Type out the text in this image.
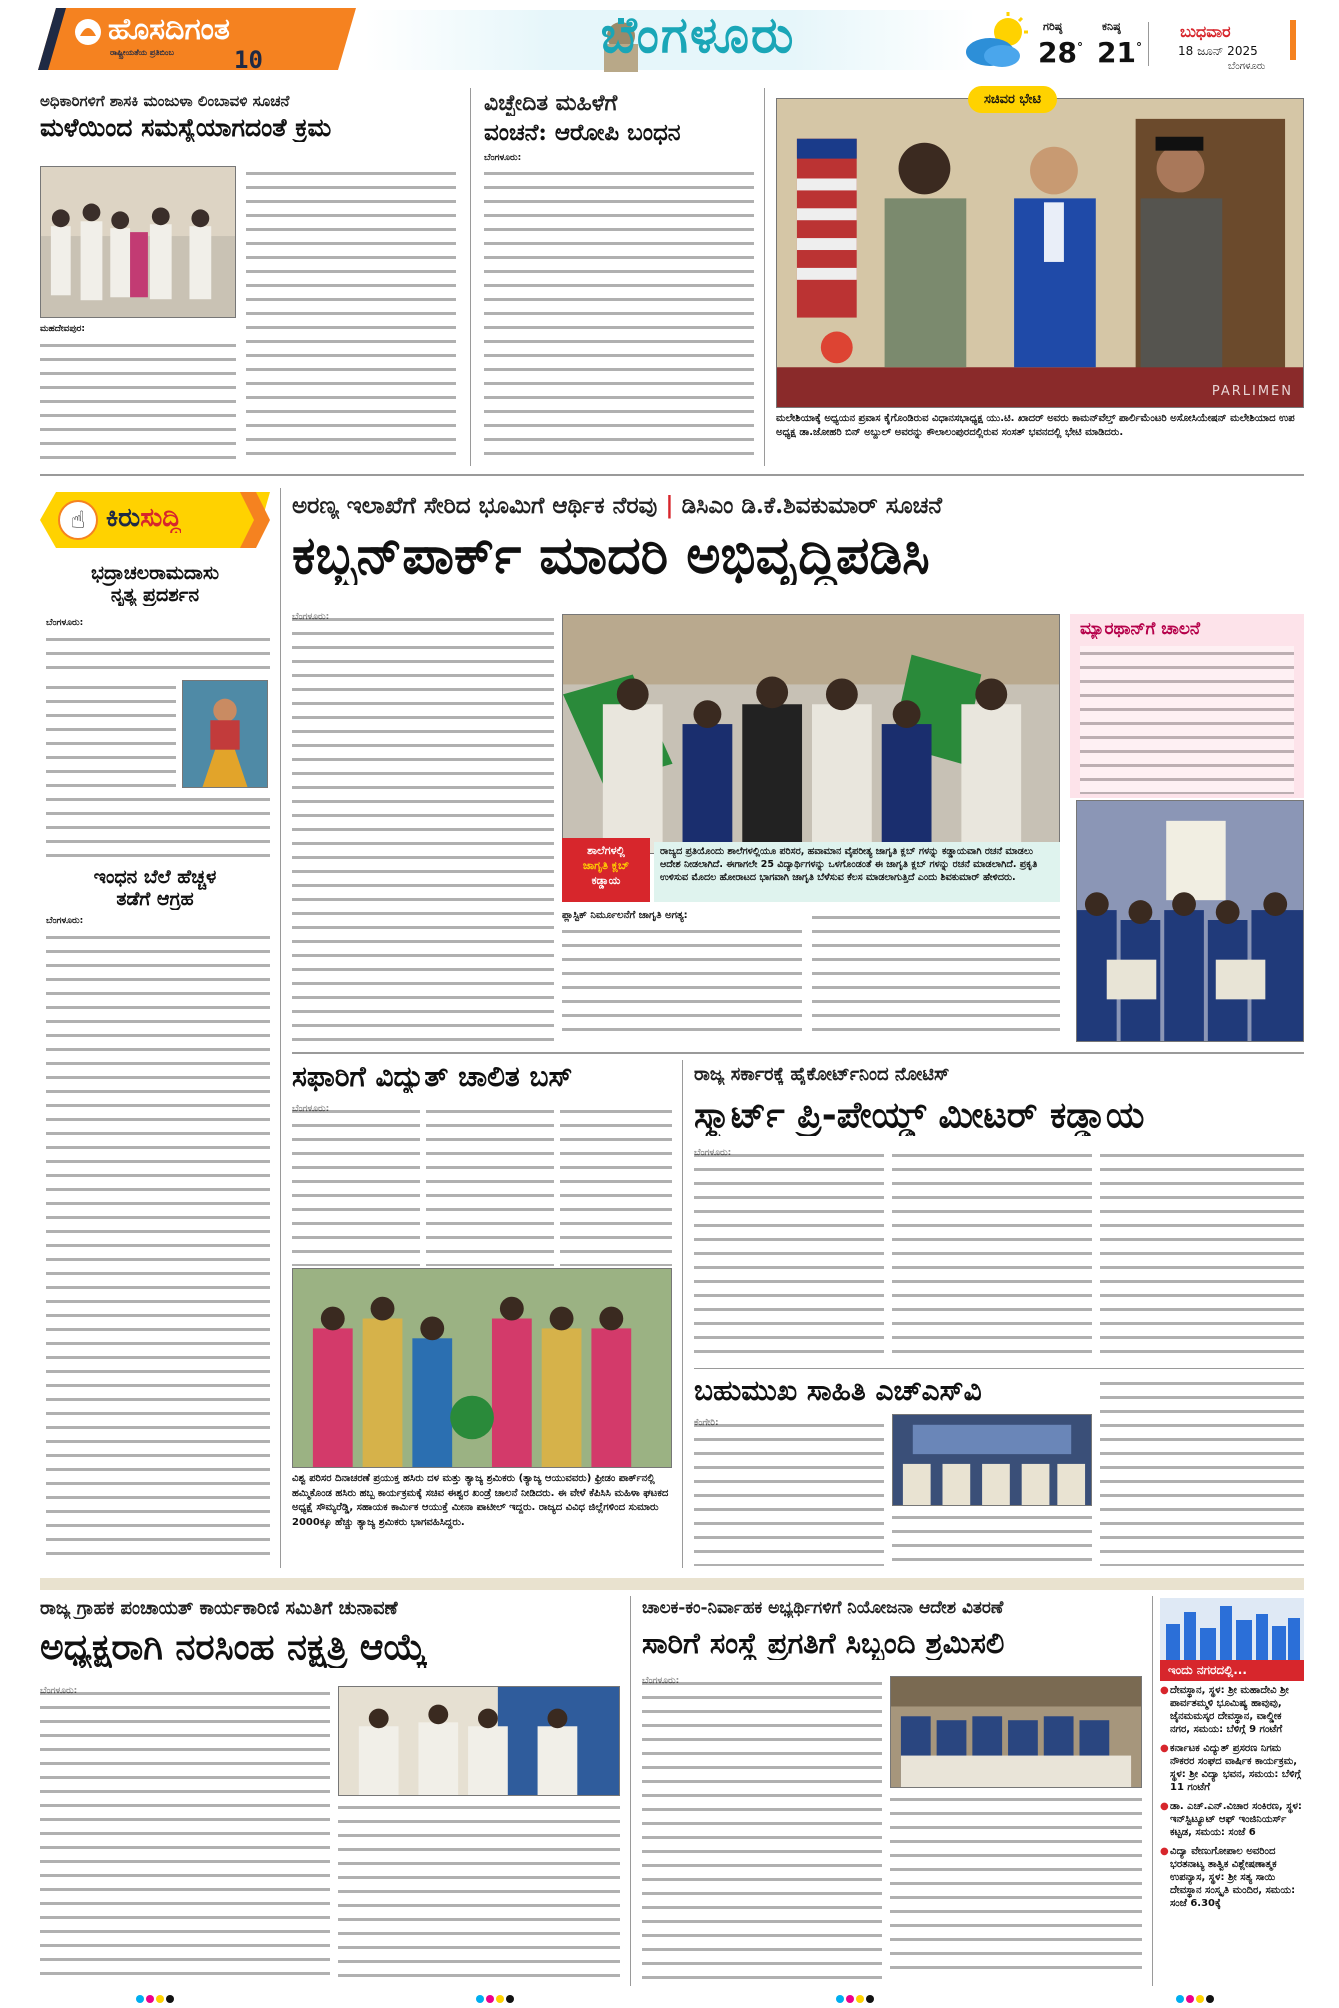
ಹೊಸದಿಗಂತ
ರಾಷ್ಟ್ರೀಯತೆಯ ಪ್ರತಿಬಿಂಬ	10	ಬೆಂಗಳೂರು	ಗರಿಷ್ಠ
28°
ಕನಿಷ್ಠ
21°
ಬುಧವಾರ
18 ಜೂನ್ 2025
ಬೆಂಗಳೂರು
ಅಧಿಕಾರಿಗಳಿಗೆ ಶಾಸಕಿ ಮಂಜುಳಾ ಲಿಂಬಾವಳಿ ಸೂಚನೆ
ಮಳೆಯಿಂದ ಸಮಸ್ಯೆಯಾಗದಂತೆ ಕ್ರಮ
ಮಹದೇವಪುರ:
ವಿಚ್ಛೇದಿತ ಮಹಿಳೆಗೆ
ವಂಚನೆ: ಆರೋಪಿ ಬಂಧನ
ಬೆಂಗಳೂರು:
PARLIMEN
ಸಚಿವರ ಭೇಟಿ
ಮಲೇಶಿಯಾಕ್ಕೆ ಅಧ್ಯಯನ ಪ್ರವಾಸ ಕೈಗೊಂಡಿರುವ ವಿಧಾನಸಭಾಧ್ಯಕ್ಷ ಯು.ಟಿ. ಖಾದರ್ ಅವರು ಕಾಮನ್‌ವೆಲ್ತ್ ಪಾರ್ಲಿಮೆಂಟರಿ ಅಸೋಸಿಯೇಷನ್ ಮಲೇಶಿಯಾದ ಉಪ ಅಧ್ಯಕ್ಷ ಡಾ.ಜೋಹರಿ ಬಿನ್ ಅಬ್ದುಲ್ ಅವರನ್ನು ಕೌಲಾಲಂಪುರದಲ್ಲಿರುವ ಸಂಸತ್ ಭವನದಲ್ಲಿ ಭೇಟಿ ಮಾಡಿದರು.
☝ ಕಿರುಸುದ್ದಿ
ಭದ್ರಾಚಲರಾಮದಾಸು
ನೃತ್ಯ ಪ್ರದರ್ಶನ
ಬೆಂಗಳೂರು:
ಇಂಧನ ಬೆಲೆ ಹೆಚ್ಚಳ
ತಡೆಗೆ ಆಗ್ರಹ
ಬೆಂಗಳೂರು:
ಅರಣ್ಯ ಇಲಾಖೆಗೆ ಸೇರಿದ ಭೂಮಿಗೆ ಆರ್ಥಿಕ ನೆರವು | ಡಿಸಿಎಂ ಡಿ.ಕೆ.ಶಿವಕುಮಾರ್ ಸೂಚನೆ
ಕಬ್ಬನ್‌ಪಾರ್ಕ್ ಮಾದರಿ ಅಭಿವೃದ್ಧಿಪಡಿಸಿ
ಶಾಲೆಗಳಲ್ಲಿ
ಜಾಗೃತಿ ಕ್ಲಬ್
ಕಡ್ಡಾಯ
ರಾಜ್ಯದ ಪ್ರತಿಯೊಂದು ಶಾಲೆಗಳಲ್ಲಿಯೂ ಪರಿಸರ, ಹವಾಮಾನ ವೈಪರೀತ್ಯ ಜಾಗೃತಿ ಕ್ಲಬ್ ಗಳನ್ನು ಕಡ್ಡಾಯವಾಗಿ ರಚನೆ ಮಾಡಲು ಆದೇಶ ನೀಡಲಾಗಿದೆ. ಈಗಾಗಲೇ 25 ವಿದ್ಯಾರ್ಥಿಗಳನ್ನು ಒಳಗೊಂಡಂತೆ ಈ ಜಾಗೃತಿ ಕ್ಲಬ್ ಗಳನ್ನು ರಚನೆ ಮಾಡಲಾಗಿದೆ. ಪ್ರಕೃತಿ ಉಳಿಸುವ ಮೊದಲ ಹೋರಾಟದ ಭಾಗವಾಗಿ ಜಾಗೃತಿ ಬೆಳೆಸುವ ಕೆಲಸ ಮಾಡಲಾಗುತ್ತಿದೆ ಎಂದು ಶಿವಕುಮಾರ್ ಹೇಳಿದರು.
ಪ್ಲಾಸ್ಟಿಕ್ ನಿರ್ಮೂಲನೆಗೆ ಜಾಗೃತಿ ಅಗತ್ಯ:
ಮ್ಯಾರಥಾನ್‌ಗೆ ಚಾಲನೆ
ಸಫಾರಿಗೆ ವಿದ್ಯುತ್ ಚಾಲಿತ ಬಸ್
ವಿಶ್ವ ಪರಿಸರ ದಿನಾಚರಣೆ ಪ್ರಯುಕ್ತ ಹಸಿರು ದಳ ಮತ್ತು ತ್ಯಾಜ್ಯ ಶ್ರಮಿಕರು (ತ್ಯಾಜ್ಯ ಆಯುವವರು) ಫ್ರೀಡಂ ಪಾರ್ಕ್‌ನಲ್ಲಿ ಹಮ್ಮಿಕೊಂಡ ಹಸಿರು ಹಬ್ಬ ಕಾರ್ಯಕ್ರಮಕ್ಕೆ ಸಚಿವ ಈಶ್ವರ ಖಂಡ್ರೆ ಚಾಲನೆ ನೀಡಿದರು. ಈ ವೇಳೆ ಕೆಪಿಸಿಸಿ ಮಹಿಳಾ ಘಟಕದ ಅಧ್ಯಕ್ಷೆ ಸೌಮ್ಯರೆಡ್ಡಿ, ಸಹಾಯಕ ಕಾರ್ಮಿಕ ಆಯುಕ್ತೆ ಮೀನಾ ಪಾಟೀಲ್ ಇದ್ದರು. ರಾಜ್ಯದ ವಿವಿಧ ಜಿಲ್ಲೆಗಳಿಂದ ಸುಮಾರು 2000ಕ್ಕೂ ಹೆಚ್ಚು ತ್ಯಾಜ್ಯ ಶ್ರಮಿಕರು ಭಾಗವಹಿಸಿದ್ದರು.
ರಾಜ್ಯ ಸರ್ಕಾರಕ್ಕೆ ಹೈಕೋರ್ಟ್‌ನಿಂದ ನೋಟಿಸ್
ಸ್ಮಾರ್ಟ್ ಪ್ರಿ-ಪೇಯ್ಡ್ ಮೀಟರ್ ಕಡ್ಡಾಯ
ಬಹುಮುಖ ಸಾಹಿತಿ ಎಚ್‌ಎಸ್‌ವಿ
ರಾಜ್ಯ ಗ್ರಾಹಕ ಪಂಚಾಯತ್ ಕಾರ್ಯಕಾರಿಣಿ ಸಮಿತಿಗೆ ಚುನಾವಣೆ
ಅಧ್ಯಕ್ಷರಾಗಿ ನರಸಿಂಹ ನಕ್ಷತ್ರಿ ಆಯ್ಕೆ
ಚಾಲಕ-ಕಂ-ನಿರ್ವಾಹಕ ಅಭ್ಯರ್ಥಿಗಳಿಗೆ ನಿಯೋಜನಾ ಆದೇಶ ವಿತರಣೆ
ಸಾರಿಗೆ ಸಂಸ್ಥೆ ಪ್ರಗತಿಗೆ ಸಿಬ್ಬಂದಿ ಶ್ರಮಿಸಲಿ
ಇಂದು ನಗರದಲ್ಲಿ...
● ದೇವಸ್ಥಾನ, ಸ್ಥಳ: ಶ್ರೀ ಮಹಾದೇವಿ ಶ್ರೀ ಪಾರ್ವತಮ್ಮಳಿ ಭೂಮಿಷ್ಯ ಹಾವುವು, ಜೈನಮಮಸ್ಕರ ದೇವಸ್ಥಾನ, ವಾಲ್ಡೀಕ ನಗರ, ಸಮಯ: ಬೆಳಿಗ್ಗೆ 9 ಗಂಟೆಗೆ
● ಕರ್ನಾಟಕ ವಿದ್ಯುತ್ ಪ್ರಸರಣ ನಿಗಮ ನೌಕರರ ಸಂಘದ ವಾರ್ಷಿಕ ಕಾರ್ಯಕ್ರಮ, ಸ್ಥಳ: ಶ್ರೀ ವಿದ್ಯಾ ಭವನ, ಸಮಯ: ಬೆಳಿಗ್ಗೆ 11 ಗಂಟೆಗೆ
● ಡಾ. ಎಚ್.ಎನ್.ವಿಚಾರ ಸಂಕಿರಣ, ಸ್ಥಳ: ಇನ್‌ಸ್ಟಿಟ್ಯೂಟ್ ಆಫ್ ಇಂಜಿನಿಯರ್ಸ್ ಕಟ್ಟಡ, ಸಮಯ: ಸಂಜೆ 6
● ವಿದ್ಯಾ ವೇಣುಗೋಪಾಲ ಅವರಿಂದ ಭರತನಾಟ್ಯ ತಾತ್ವಿಕ ವಿಶ್ಲೇಷಣಾತ್ಮಕ ಉಪನ್ಯಾಸ, ಸ್ಥಳ: ಶ್ರೀ ಸತ್ಯ ಸಾಯಿ ದೇವಸ್ಥಾನ ಸಂಸ್ಕೃತಿ ಮಂದಿರ, ಸಮಯ: ಸಂಜೆ 6.30ಕ್ಕೆ
